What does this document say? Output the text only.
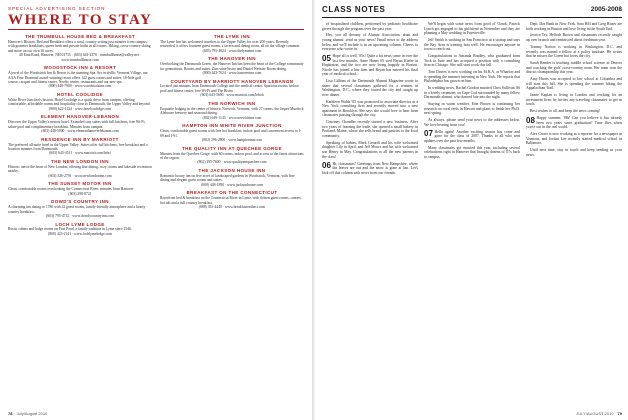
SPECIAL ADVERTISING SECTION
WHERE TO STAY
THE TRUMBULL HOUSE BED & BREAKFAST
Hanover's Historic Bed and Breakfast offers a rural, country setting just minutes from campus, with gourmet breakfasts, queen beds and private baths in all rooms. Hiking, cross-country skiing and more on our own 16 acres.
40 Etna Road, Hanover, NH 03755 · (603) 643-2370 · trumbullhouse@valley.net · www.trumbullhouse.com
WOODSTOCK INN & RESORT
A jewel of the Woodstock Inn & Resort is the stunning Spa. Set in idyllic Vermont Village, our AAA Four Diamond award-winning resort offers 142 guest rooms and suites, 18-hole golf course, racquet and fitness center, Nordic center, restaurants and our new spa.
(800) 448-7900 · www.woodstockinn.com
HOTEL COOLIDGE
White River Junction's historic Hotel Coolidge is a quick drive from campus, offering comfortable, affordable rooms and hospitality close to Dartmouth, the Upper Valley and beyond.
(800) 622-1124 · www.hotelcoolidge.com
ELEMENT HANOVER-LEBANON
Discover the Upper Valley's newest hotel. Extended stay suites with full kitchens, free Wi-Fi, saline pool and complimentary breakfast. Minutes from campus.
(603) 448-5000 · www.elementhanoverlebanon.com
RESIDENCE INN BY MARRIOTT
The preferred all-suite hotel in the Upper Valley. Suites offer full kitchens, free breakfast and a location minutes from Dartmouth.
(603) 643-4511 · www.marriott.com/lebri
THE NEW LONDON INN
Historic inn in the heart of New London, offering fine dining, cozy rooms and lakeside recreation nearby.
(603) 526-2791 · www.newlondoninn.com
THE SUNSET MOTOR INN
Clean, comfortable rooms overlooking the Connecticut River, minutes from Hanover.
(603) 298-8721
DOWD'S COUNTRY INN
A charming inn dating to 1780 with 22 guest rooms, family-friendly atmosphere and a hearty country breakfast.
(603) 795-4712 · www.dowdscountryinn.com
LOCH LYME LODGE
Rustic cabins and lodge rooms on Post Pond, a family tradition in Lyme since 1946.
(800) 423-2141 · www.lochlymelodge.com
THE LYME INN
The Lyme Inn has welcomed travelers to the Upper Valley for over 200 years. Recently renovated, it offers fourteen guest rooms, a tavern and dining room, all on the village common.
(603) 795-4824 · www.thelymeinn.com
THE HANOVER INN
Overlooking the Dartmouth Green, the Hanover Inn has been the heart of the College community for generations. Rooms and suites, Zins wine bistro and Daniel Webster Room dining.
(800) 443-7024 · www.hanoverinn.com
COURTYARD BY MARRIOTT HANOVER LEBANON
Located just minutes from Dartmouth College and the medical center. Spacious rooms, indoor pool and fitness center, free Wi-Fi and The Bistro.
(603) 643-5600 · www.marriott.com/leboh
THE NORWICH INN
Exquisite lodging in the center of historic Norwich, Vermont, with 27 rooms, the Jasper Murdock Alehouse brewery and seasonal dining.
(802) 649-1143 · www.norwichinn.com
HAMPTON INN WHITE RIVER JUNCTION
Clean, comfortable guest rooms with free hot breakfast, indoor pool and convenient access to I-89 and I-91.
(802) 296-2800 · www.hamptoninn.com
THE QUALITY INN AT QUECHEE GORGE
Minutes from the Quechee Gorge, with 60 rooms, indoor pool, and access to the finest attractions of the region.
(802) 295-7600 · www.qualityinnquechee.com
THE JACKSON HOUSE INN
Romantic luxury inn on five acres of landscaped gardens in Woodstock, Vermont, with fine dining and elegant guest rooms and suites.
(800) 448-1890 · www.jacksonhouse.com
BREAKFAST ON THE CONNECTICUT
Riverfront bed & breakfast on the Connecticut River in Lyme, with fifteen guest rooms, canoes, hot tub and a full country breakfast.
(888) 353-4440 · www.breakfastonthect.com
78 July/August 2010
CLASS NOTES	2005-2008

of hospitalized children, performed by pediatric healthcare givers through the program over the past year.

Hey, you all dreamy of Alumni Association, alum and young alumni: send us your news! Email news to the address below and we'll include it in an upcoming column. Cheers to everyone who wrote in.

05 Hope all is well, '05s! Quite a bit news came in over the last few months. Anne Hanes 05 wed Bryan Kiefer in Hopkinton, and the two are now living happily in Boston. Nicole has joined a law firm and Bryan has entered his final year of medical school.

Lisa Gilliam of the Dartmouth Alumni Magazine wrote to share that several classmates gathered for a reunion in Washington, D.C., where they toured the city and caught up over dinner.

Kathleen Walsh '05 was promoted to associate director at a New York consulting firm and recently moved into a new apartment in Brooklyn. She says she would love to hear from classmates passing through the city.

Courtney Chandler recently started a new business. After two years of learning the trade, she opened a small bakery in Portland, Maine, where she sells bread and pastries to the local community.

Speaking of babies, Mark Gerardi and his wife welcomed daughter Lily in April, and Jeff Moore and his wife welcomed son Henry in May. Congratulations to all the new parents in the class!

06 Hi, classmates! Greetings from New Hampshire, where the leaves are out and the snow is gone at last. Let's kick off this column with news from our friends.

We'll begin with some news from good ol' Ozark. Patrick Lynch got engaged to his girlfriend in November and they are planning a May wedding in Fayetteville.

Jeff Smith is working in San Francisco at a startup and says the Bay Area is treating him well. He encourages anyone in town to reach out.

Congratulations to Amanda Bradley, who graduated from Tuck in June and has accepted a position with a consulting firm in Chicago. She will start work this fall.

Tom Davies is now working on his M.B.A. at Wharton and is spending the summer interning in New York. He reports that Philadelphia has grown on him.

In wedding news, Rachel Gordon married Chris Sullivan '06 in a lovely ceremony on Cape Cod surrounded by many fellow Dartmouth alumni, who danced late into the night.

Staying in warm weather, Erin Brown is continuing her research on coral reefs in Hawaii and plans to finish her Ph.D. next spring.

As always, please send your news to the addresses below. We love hearing from you!

07 Hello again! Another exciting season has come and gone for the class of 2007. Thanks to all who sent updates over the past few months.

Many classmates got married this year, including several celebrations right in Hanover that brought dozens of '07s back to campus.

Dept. Dot Bank in New York. Sara Hill and Greg Ritzer are both working in Boston and love living in the South End.

Jessica Tey, Hellosh Brown and classmates recently caught up over brunch and reminisced about freshman year.

Tommy Norton is working in Washington, D.C. and recently was named a fellow at a policy institute. He writes that he misses the Green but loves the city.

Sarah Bender is teaching middle school science in Denver and coaching the girls' cross-country team. Her team won the district championship this year.

Amy Harris was accepted to law school at Columbia and will start this fall. She is spending the summer hiking the Appalachian Trail.

Jamie Kaplan is living in London and working for an investment firm; he invites any traveling classmates to get in touch.

Best wishes to all, and keep the news coming!

08 Happy summer, '08s! Can you believe it has already been two years since graduation? Time flies when you're out in the real world.

Alex Carter is now working as a reporter for a newspaper in Vermont, and Jordan Lee recently started medical school in Baltimore.

Until next time, stay in touch and keep sending us your news.

JULY/AUGUST 2010 79
